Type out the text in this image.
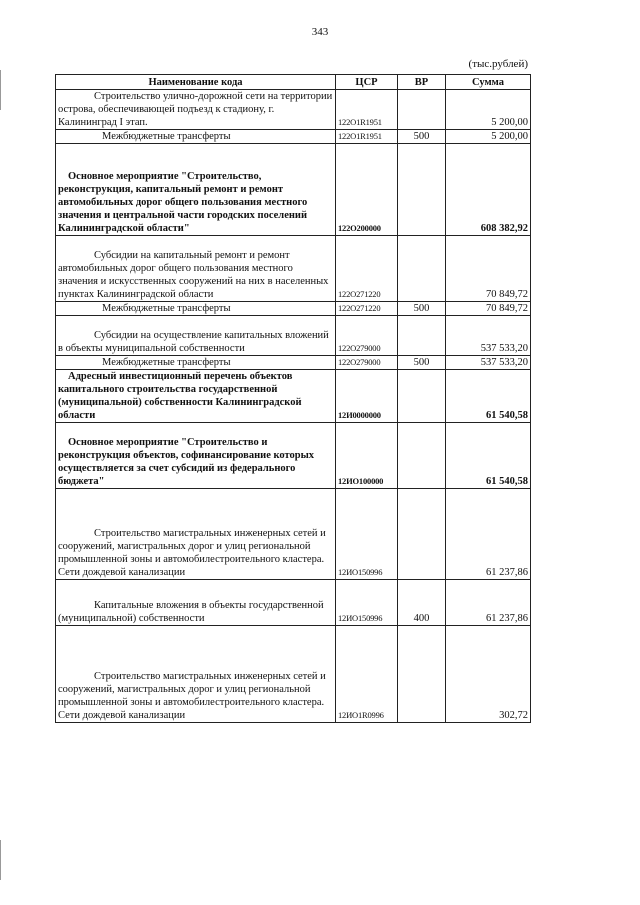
343
(тыс.рублей)
Наименование кода	ЦСР	ВР	Сумма

Строительство улично-дорожной сети на территории острова, обеспечивающей подъезд к стадиону, г. Калининград I этап.	122О1R1951		5 200,00

Межбюджетные трансферты	122О1R1951	500	5 200,00

Основное мероприятие "Строительство, реконструкция, капитальный ремонт и ремонт автомобильных дорог общего пользования местного значения и центральной части городских поселений Калининградской области"	122О200000		608 382,92

Субсидии на капитальный ремонт и ремонт автомобильных дорог общего пользования местного значения и искусственных сооружений на них в населенных пунктах Калининградской области	122О271220		70 849,72

Межбюджетные трансферты	122О271220	500	70 849,72

Субсидии на осуществление капитальных вложений в объекты муниципальной собственности	122О279000		537 533,20

Межбюджетные трансферты	122О279000	500	537 533,20

Адресный инвестиционный перечень объектов капитального строительства государственной (муниципальной) собственности Калининградской области	12И0000000		61 540,58

Основное мероприятие "Строительство и реконструкция объектов, софинансирование которых осуществляется за счет субсидий из федерального бюджета"	12ИО100000		61 540,58

Строительство магистральных инженерных сетей и сооружений, магистральных дорог и улиц региональной промышленной зоны и автомобилестроительного кластера. Сети дождевой канализации	12ИО150996		61 237,86

Капитальные вложения в объекты государственной (муниципальной) собственности	12ИО150996	400	61 237,86

Строительство магистральных инженерных сетей и сооружений, магистральных дорог и улиц региональной промышленной зоны и автомобилестроительного кластера. Сети дождевой канализации	12ИО1R0996		302,72
